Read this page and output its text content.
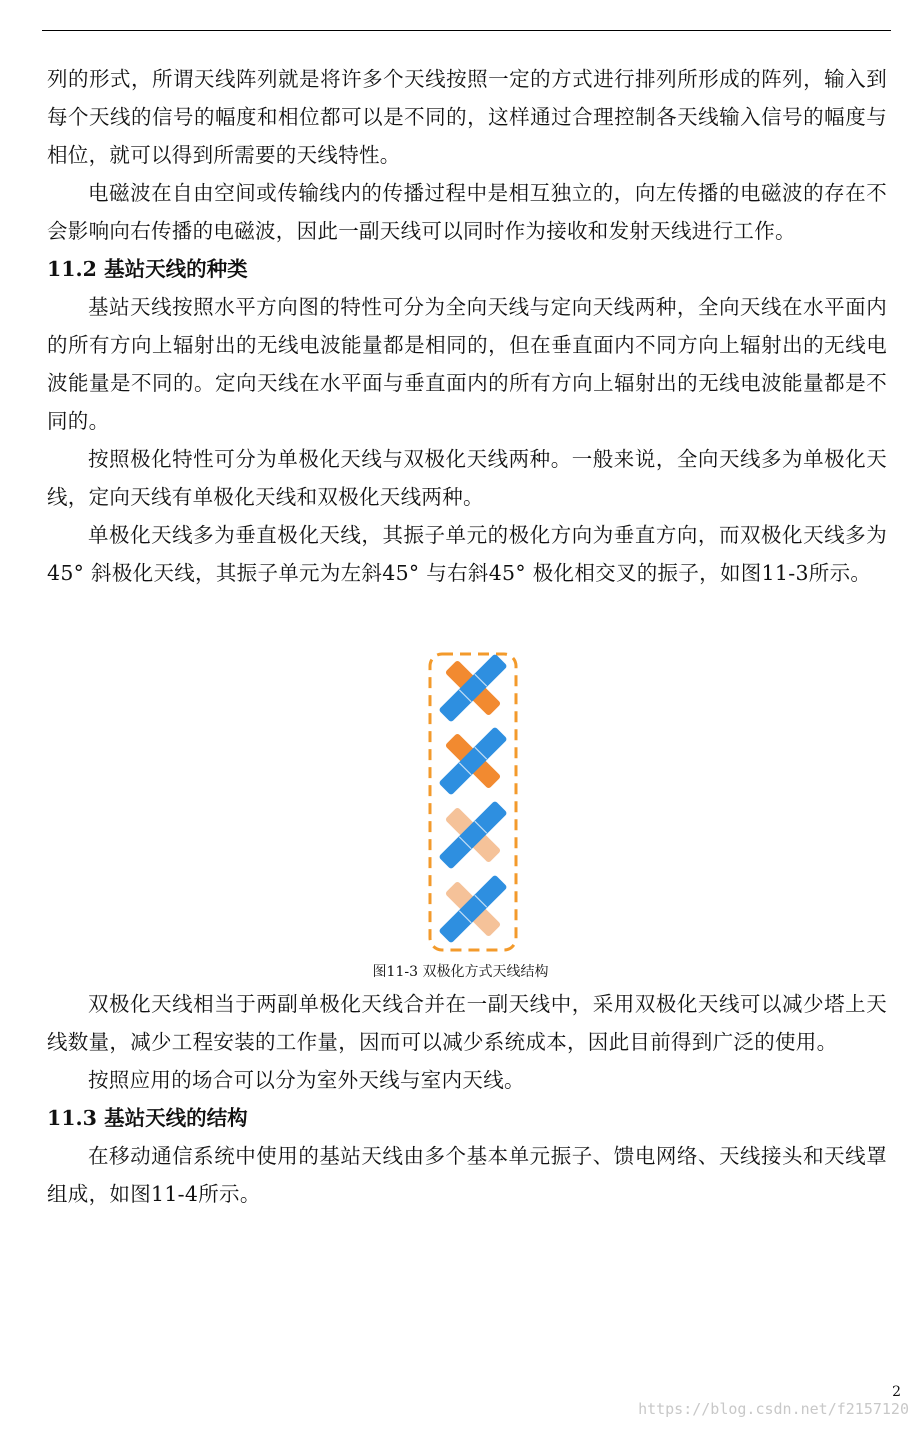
列的形式，所谓天线阵列就是将许多个天线按照一定的方式进行排列所形成的阵列，输入到每个天线的信号的幅度和相位都可以是不同的，这样通过合理控制各天线输入信号的幅度与相位，就可以得到所需要的天线特性。

电磁波在自由空间或传输线内的传播过程中是相互独立的，向左传播的电磁波的存在不会影响向右传播的电磁波，因此一副天线可以同时作为接收和发射天线进行工作。

11.2 基站天线的种类

基站天线按照水平方向图的特性可分为全向天线与定向天线两种，全向天线在水平面内的所有方向上辐射出的无线电波能量都是相同的，但在垂直面内不同方向上辐射出的无线电波能量是不同的。定向天线在水平面与垂直面内的所有方向上辐射出的无线电波能量都是不同的。

按照极化特性可分为单极化天线与双极化天线两种。一般来说，全向天线多为单极化天线，定向天线有单极化天线和双极化天线两种。

单极化天线多为垂直极化天线，其振子单元的极化方向为垂直方向，而双极化天线多为45° 斜极化天线，其振子单元为左斜45° 与右斜45° 极化相交叉的振子，如图11-3所示。

图11-3 双极化方式天线结构

双极化天线相当于两副单极化天线合并在一副天线中，采用双极化天线可以减少塔上天线数量，减少工程安装的工作量，因而可以减少系统成本，因此目前得到广泛的使用。

按照应用的场合可以分为室外天线与室内天线。

11.3 基站天线的结构

在移动通信系统中使用的基站天线由多个基本单元振子、馈电网络、天线接头和天线罩组成，如图11-4所示。

2
https://blog.csdn.net/f2157120
